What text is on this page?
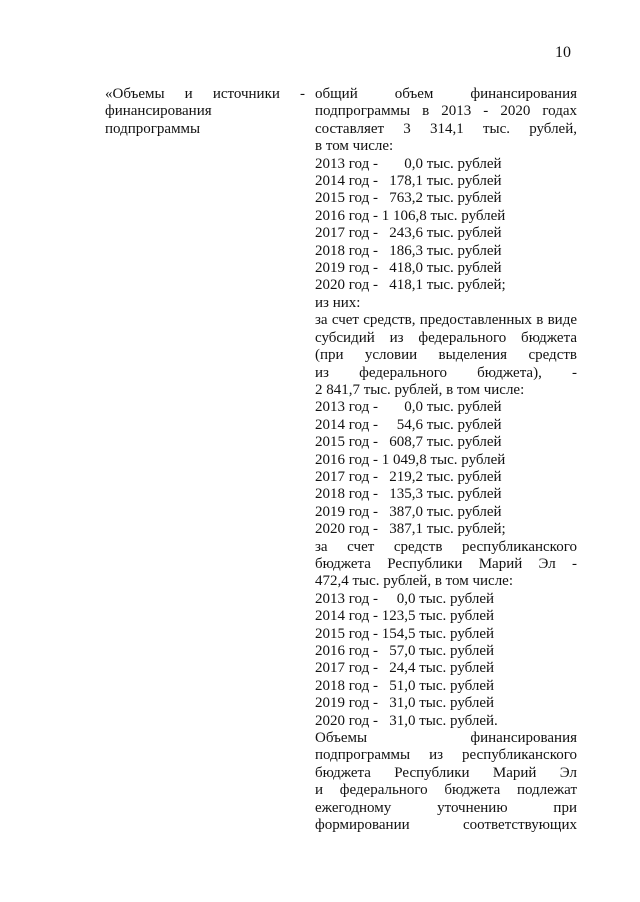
10
«Объемы и источники -
финансирования
подпрограммы
общий объем финансирования
подпрограммы в 2013 - 2020 годах
составляет 3 314,1 тыс. рублей,
в том числе:
2013 год -       0,0 тыс. рублей
2014 год -   178,1 тыс. рублей
2015 год -   763,2 тыс. рублей
2016 год - 1 106,8 тыс. рублей
2017 год -   243,6 тыс. рублей
2018 год -   186,3 тыс. рублей
2019 год -   418,0 тыс. рублей
2020 год -   418,1 тыс. рублей;
из них:
за счет средств, предоставленных в виде
субсидий из федерального бюджета
(при условии выделения средств
из федерального бюджета), -
2 841,7 тыс. рублей, в том числе:
2013 год -       0,0 тыс. рублей
2014 год -     54,6 тыс. рублей
2015 год -   608,7 тыс. рублей
2016 год - 1 049,8 тыс. рублей
2017 год -   219,2 тыс. рублей
2018 год -   135,3 тыс. рублей
2019 год -   387,0 тыс. рублей
2020 год -   387,1 тыс. рублей;
за счет средств республиканского
бюджета Республики Марий Эл -
472,4 тыс. рублей, в том числе:
2013 год -     0,0 тыс. рублей
2014 год - 123,5 тыс. рублей
2015 год - 154,5 тыс. рублей
2016 год -   57,0 тыс. рублей
2017 год -   24,4 тыс. рублей
2018 год -   51,0 тыс. рублей
2019 год -   31,0 тыс. рублей
2020 год -   31,0 тыс. рублей.
Объемы финансирования
подпрограммы из республиканского
бюджета Республики Марий Эл
и федерального бюджета подлежат
ежегодному уточнению при
формировании соответствующих
